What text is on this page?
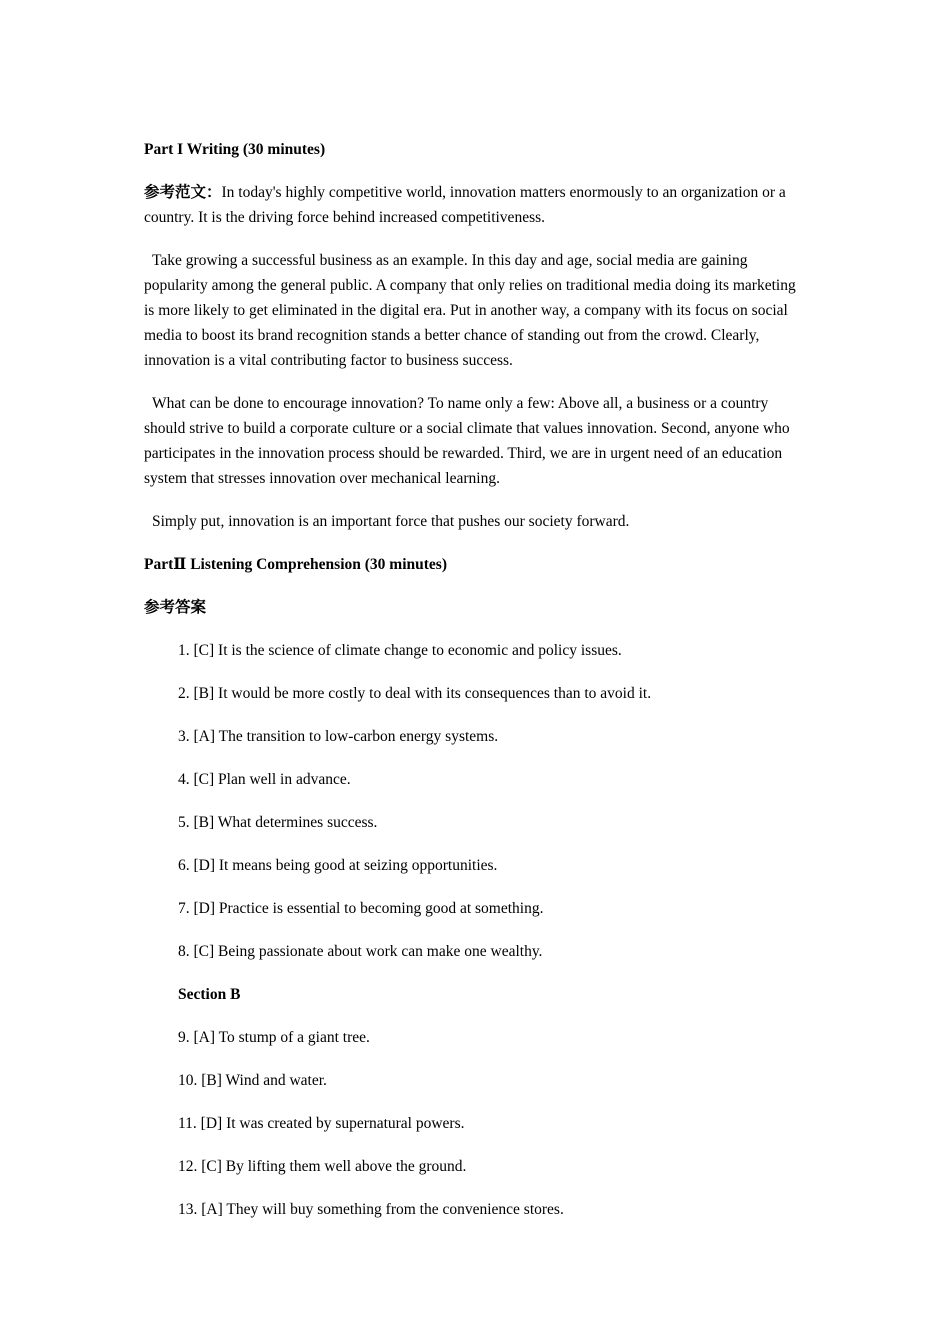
Part I Writing (30 minutes)
参考范文：In today's highly competitive world, innovation matters enormously to an organization or a country. It is the driving force behind increased competitiveness.
Take growing a successful business as an example. In this day and age, social media are gaining popularity among the general public. A company that only relies on traditional media doing its marketing is more likely to get eliminated in the digital era. Put in another way, a company with its focus on social media to boost its brand recognition stands a better chance of standing out from the crowd. Clearly, innovation is a vital contributing factor to business success.
What can be done to encourage innovation? To name only a few: Above all, a business or a country should strive to build a corporate culture or a social climate that values innovation. Second, anyone who participates in the innovation process should be rewarded. Third, we are in urgent need of an education system that stresses innovation over mechanical learning.
Simply put, innovation is an important force that pushes our society forward.
PartⅡ Listening Comprehension (30 minutes)
参考答案
1. [C] It is the science of climate change to economic and policy issues.
2. [B] It would be more costly to deal with its consequences than to avoid it.
3. [A] The transition to low-carbon energy systems.
4. [C] Plan well in advance.
5. [B] What determines success.
6. [D] It means being good at seizing opportunities.
7. [D] Practice is essential to becoming good at something.
8. [C] Being passionate about work can make one wealthy.
Section B
9. [A] To stump of a giant tree.
10. [B] Wind and water.
11. [D] It was created by supernatural powers.
12. [C] By lifting them well above the ground.
13. [A] They will buy something from the convenience stores.
